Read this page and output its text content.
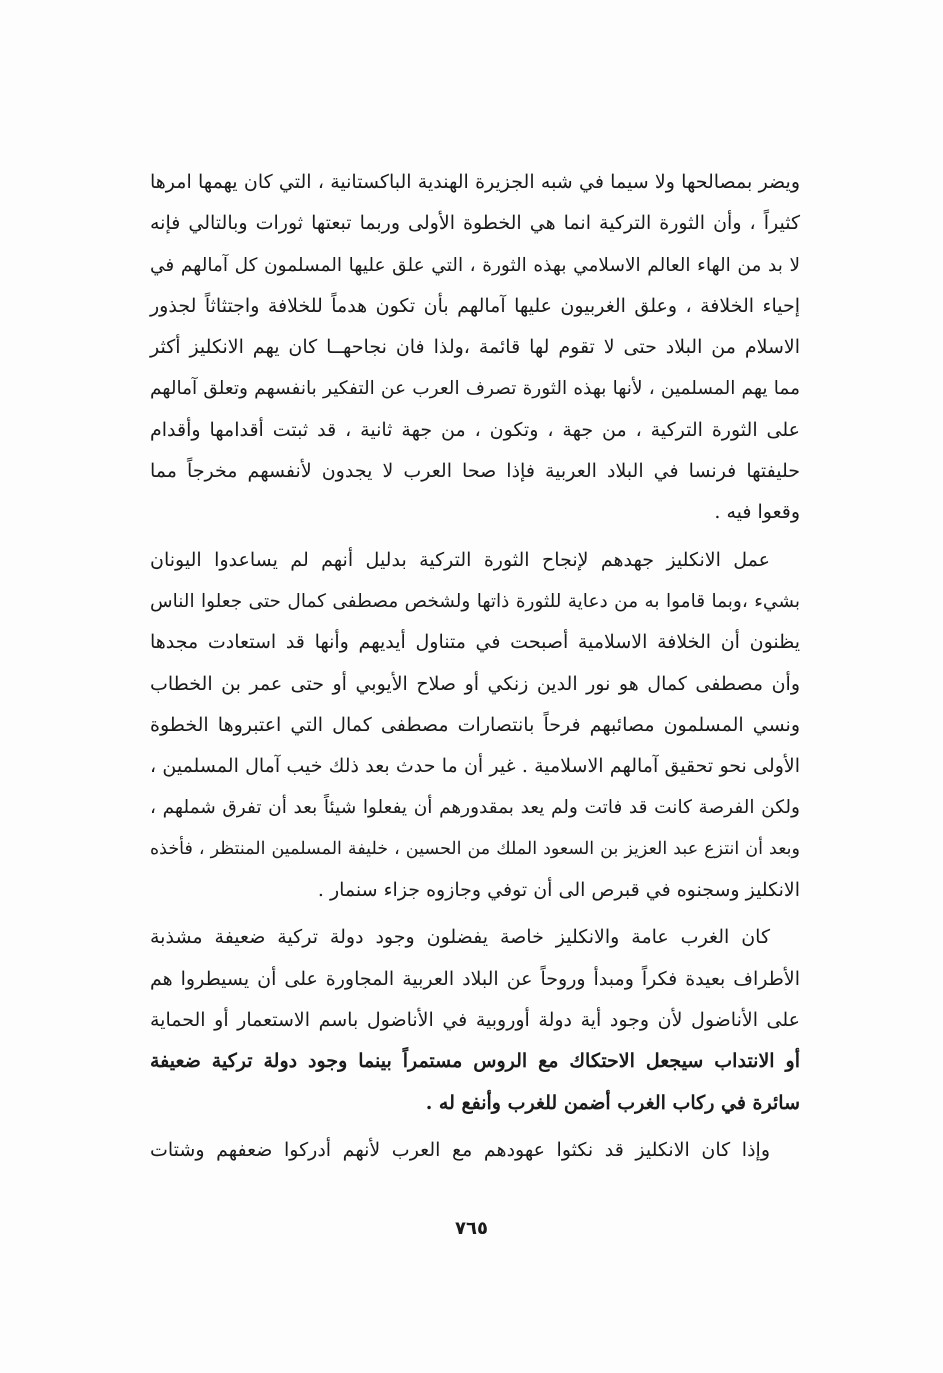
ويضر بمصالحها ولا سيما في شبه الجزيرة الهندية الباكستانية ، التي كان يهمها امرها
كثيراً ، وأن الثورة التركية انما هي الخطوة الأولى وربما تبعتها ثورات وبالتالي فإنه
لا بد من الهاء العالم الاسلامي بهذه الثورة ، التي علق عليها المسلمون كل آمالهم في
إحياء الخلافة ، وعلق الغربيون عليها آمالهم بأن تكون هدماً للخلافة واجتثاثاً لجذور
الاسلام من البلاد حتى لا تقوم لها قائمة ،ولذا فان نجاحهــا كان يهم الانكليز أكثر
مما يهم المسلمين ، لأنها بهذه الثورة تصرف العرب عن التفكير بانفسهم وتعلق آمالهم
على الثورة التركية ، من جهة ، وتكون ، من جهة ثانية ، قد ثبتت أقدامها وأقدام
حليفتها فرنسا في البلاد العربية فإذا صحا العرب لا يجدون لأنفسهم مخرجاً مما
وقعوا فيه .
عمل الانكليز جهدهم لإنجاح الثورة التركية بدليل أنهم لم يساعدوا اليونان
بشيء ،وبما قاموا به من دعاية للثورة ذاتها ولشخص مصطفى كمال حتى جعلوا الناس
يظنون أن الخلافة الاسلامية أصبحت في متناول أيديهم وأنها قد استعادت مجدها
وأن مصطفى كمال هو نور الدين زنكي أو صلاح الأيوبي أو حتى عمر بن الخطاب
ونسي المسلمون مصائبهم فرحاً بانتصارات مصطفى كمال التي اعتبروها الخطوة
الأولى نحو تحقيق آمالهم الاسلامية . غير أن ما حدث بعد ذلك خيب آمال المسلمين ،
ولكن الفرصة كانت قد فاتت ولم يعد بمقدورهم أن يفعلوا شيئاً بعد أن تفرق شملهم ،
وبعد أن انتزع عبد العزيز بن السعود الملك من الحسين ، خليفة المسلمين المنتظر ، فأخذه
الانكليز وسجنوه في قبرص الى أن توفي وجازوه جزاء سنمار .
كان الغرب عامة والانكليز خاصة يفضلون وجود دولة تركية ضعيفة مشذبة
الأطراف بعيدة فكراً ومبدأ وروحاً عن البلاد العربية المجاورة على أن يسيطروا هم
على الأناضول لأن وجود أية دولة أوروبية في الأناضول باسم الاستعمار أو الحماية
أو الانتداب سيجعل الاحتكاك مع الروس مستمراً بينما وجود دولة تركية ضعيفة
سائرة في ركاب الغرب أضمن للغرب وأنفع له .
وإذا كان الانكليز قد نكثوا عهودهم مع العرب لأنهم أدركوا ضعفهم وشتات
٧٦٥
